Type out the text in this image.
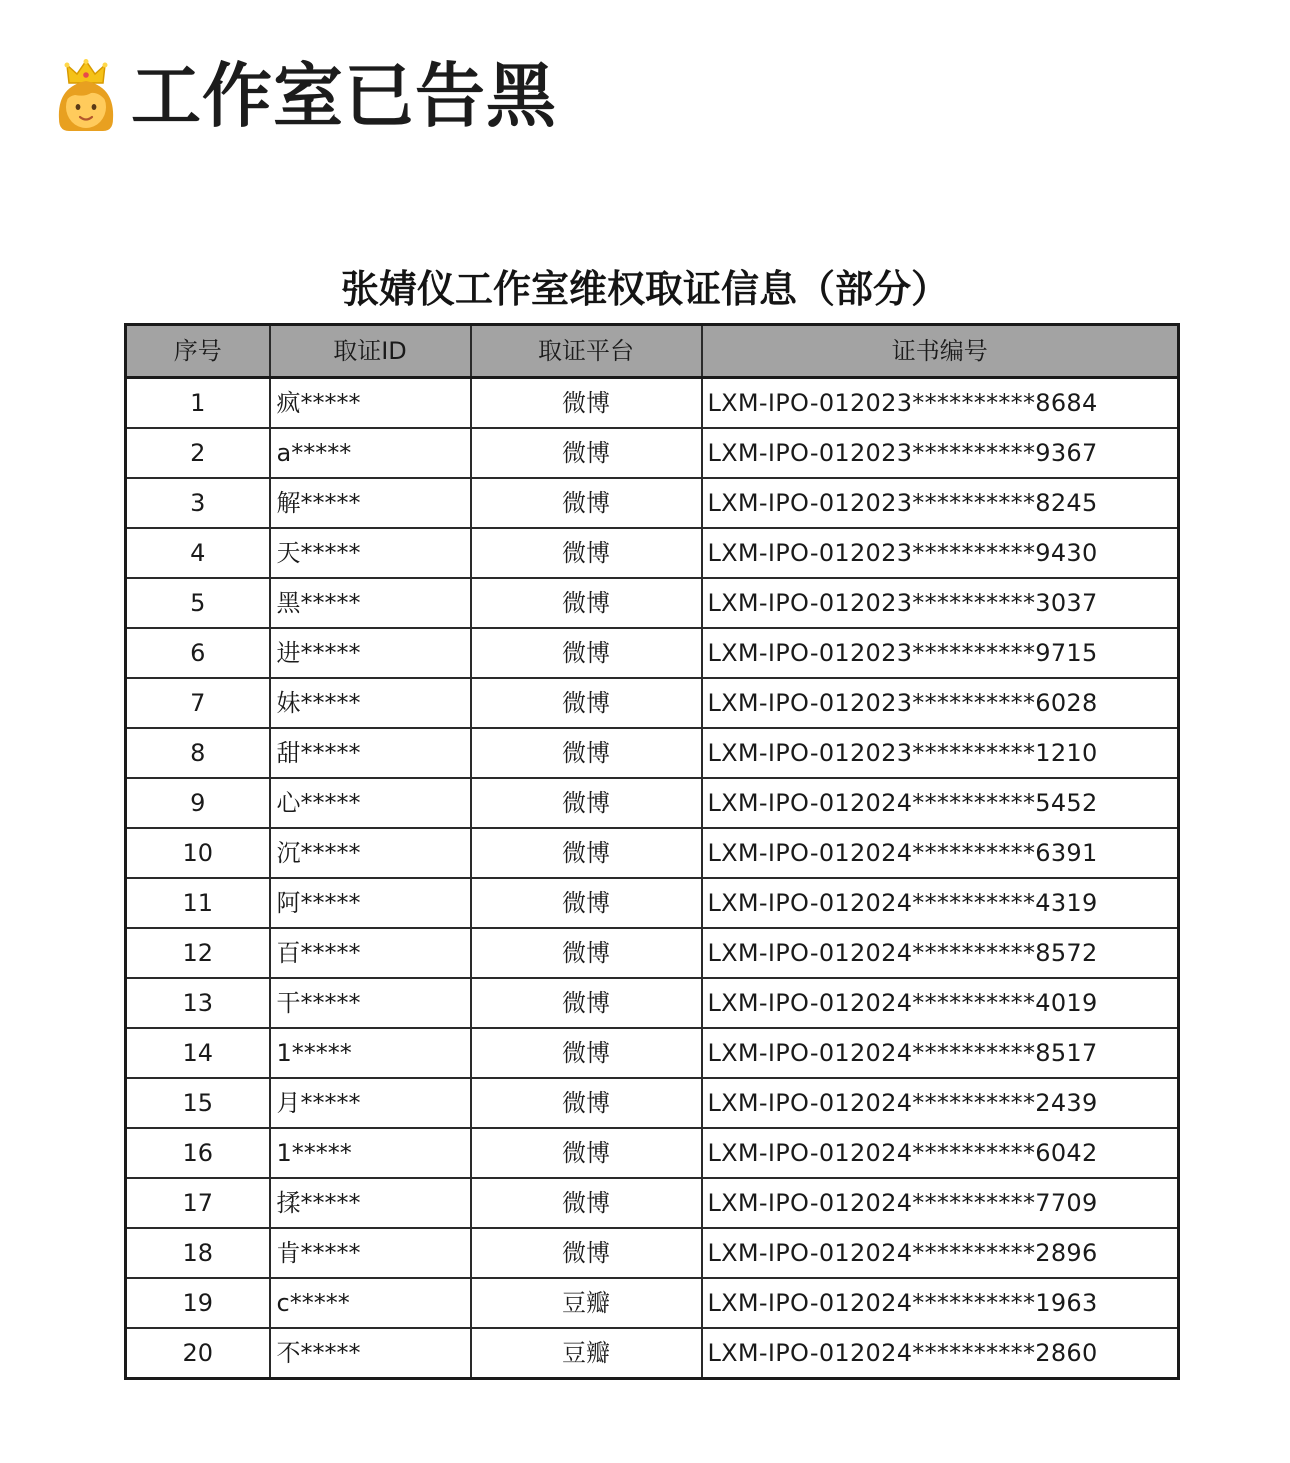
工作室已告黑
张婧仪工作室维权取证信息（部分）
序号	取证ID	取证平台	证书编号
1	疯*****	微博	LXM-IPO-012023**********8684
2	a*****	微博	LXM-IPO-012023**********9367
3	解*****	微博	LXM-IPO-012023**********8245
4	天*****	微博	LXM-IPO-012023**********9430
5	黑*****	微博	LXM-IPO-012023**********3037
6	进*****	微博	LXM-IPO-012023**********9715
7	妹*****	微博	LXM-IPO-012023**********6028
8	甜*****	微博	LXM-IPO-012023**********1210
9	心*****	微博	LXM-IPO-012024**********5452
10	沉*****	微博	LXM-IPO-012024**********6391
11	阿*****	微博	LXM-IPO-012024**********4319
12	百*****	微博	LXM-IPO-012024**********8572
13	干*****	微博	LXM-IPO-012024**********4019
14	1*****	微博	LXM-IPO-012024**********8517
15	月*****	微博	LXM-IPO-012024**********2439
16	1*****	微博	LXM-IPO-012024**********6042
17	揉*****	微博	LXM-IPO-012024**********7709
18	肯*****	微博	LXM-IPO-012024**********2896
19	c*****	豆瓣	LXM-IPO-012024**********1963
20	不*****	豆瓣	LXM-IPO-012024**********2860
